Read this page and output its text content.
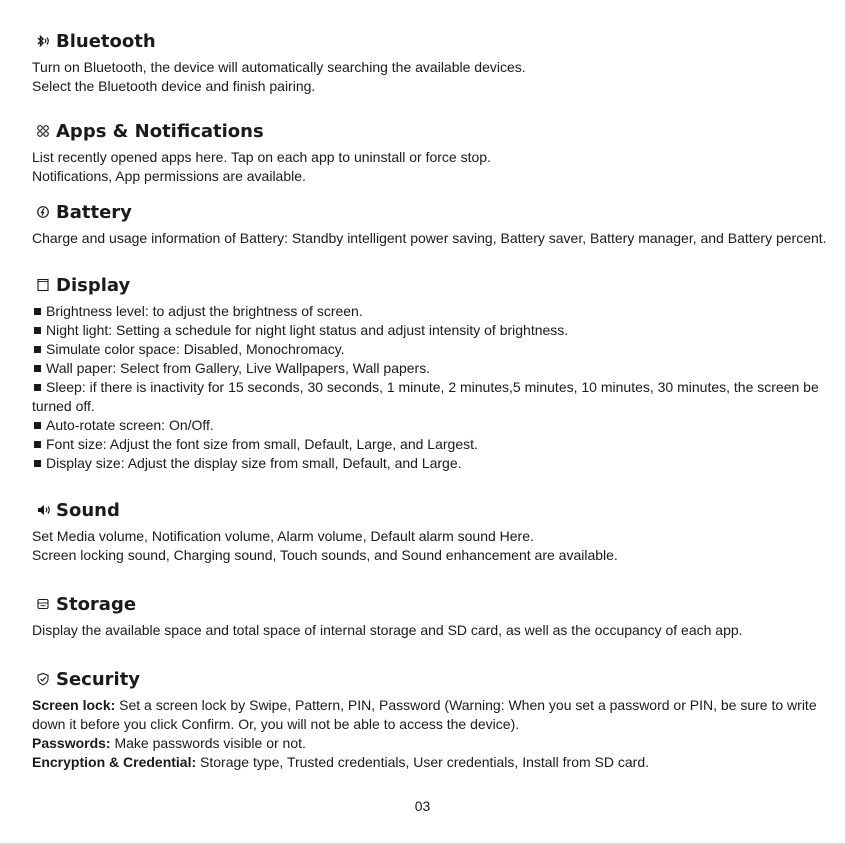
Bluetooth
Turn on Bluetooth, the device will automatically searching the available devices.
Select the Bluetooth device and finish pairing.
Apps & Notifications
List recently opened apps here. Tap on each app to uninstall or force stop.
Notifications, App permissions are available.
Battery
Charge and usage information of Battery: Standby intelligent power saving, Battery saver, Battery manager, and Battery percent.
Display
Brightness level: to adjust the brightness of screen.
Night light: Setting a schedule for night light status and adjust intensity of brightness.
Simulate color space: Disabled, Monochromacy.
Wall paper: Select from Gallery, Live Wallpapers, Wall papers.
Sleep: if there is inactivity for 15 seconds, 30 seconds, 1 minute, 2 minutes,5 minutes, 10 minutes, 30 minutes, the screen be turned off.
Auto-rotate screen: On/Off.
Font size: Adjust the font size from small, Default, Large, and Largest.
Display size: Adjust the display size from small, Default, and Large.
Sound
Set Media volume, Notification volume, Alarm volume, Default alarm sound Here.
Screen locking sound, Charging sound, Touch sounds, and Sound enhancement are available.
Storage
Display the available space and total space of internal storage and SD card, as well as the occupancy of each app.
Security
Screen lock: Set a screen lock by Swipe, Pattern, PIN, Password (Warning: When you set a password or PIN, be sure to write down it before you click Confirm. Or, you will not be able to access the device).
Passwords: Make passwords visible or not.
Encryption & Credential: Storage type, Trusted credentials, User credentials, Install from SD card.
03
